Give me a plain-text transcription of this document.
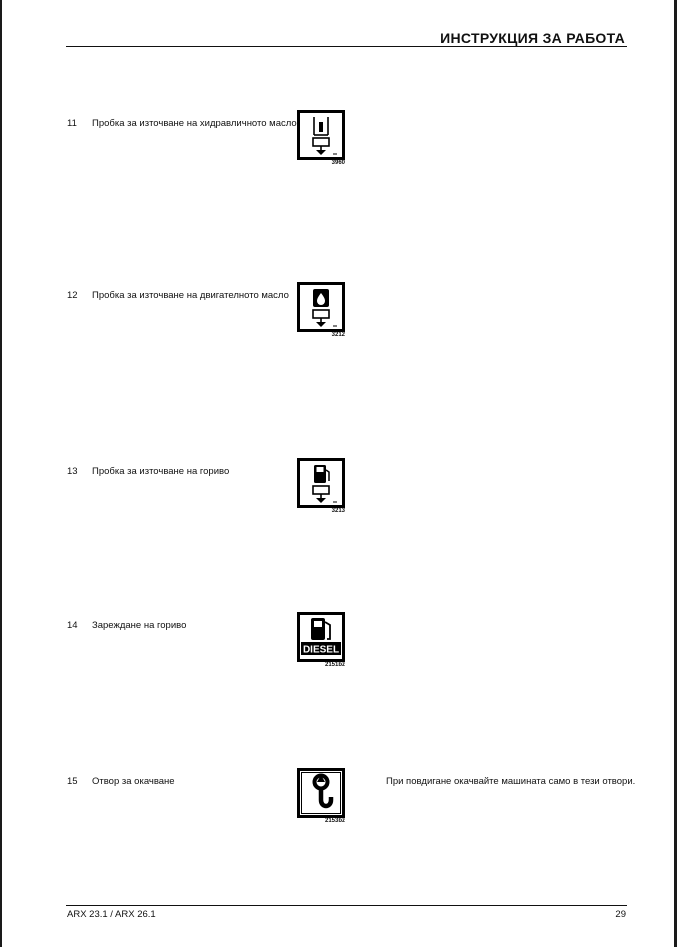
ИНСТРУКЦИЯ ЗА РАБОТА
11 Пробка за източване на хидравличното масло
3960
12 Пробка за източване на двигателното масло
3212
13 Пробка за източване на гориво
3213
14 Зареждане на гориво
DIESEL
2151bz
15 Отвор за окачване	При повдигане окачвайте машината само в тези отвори.
2153bz
ARX 23.1 / ARX 26.1	29
